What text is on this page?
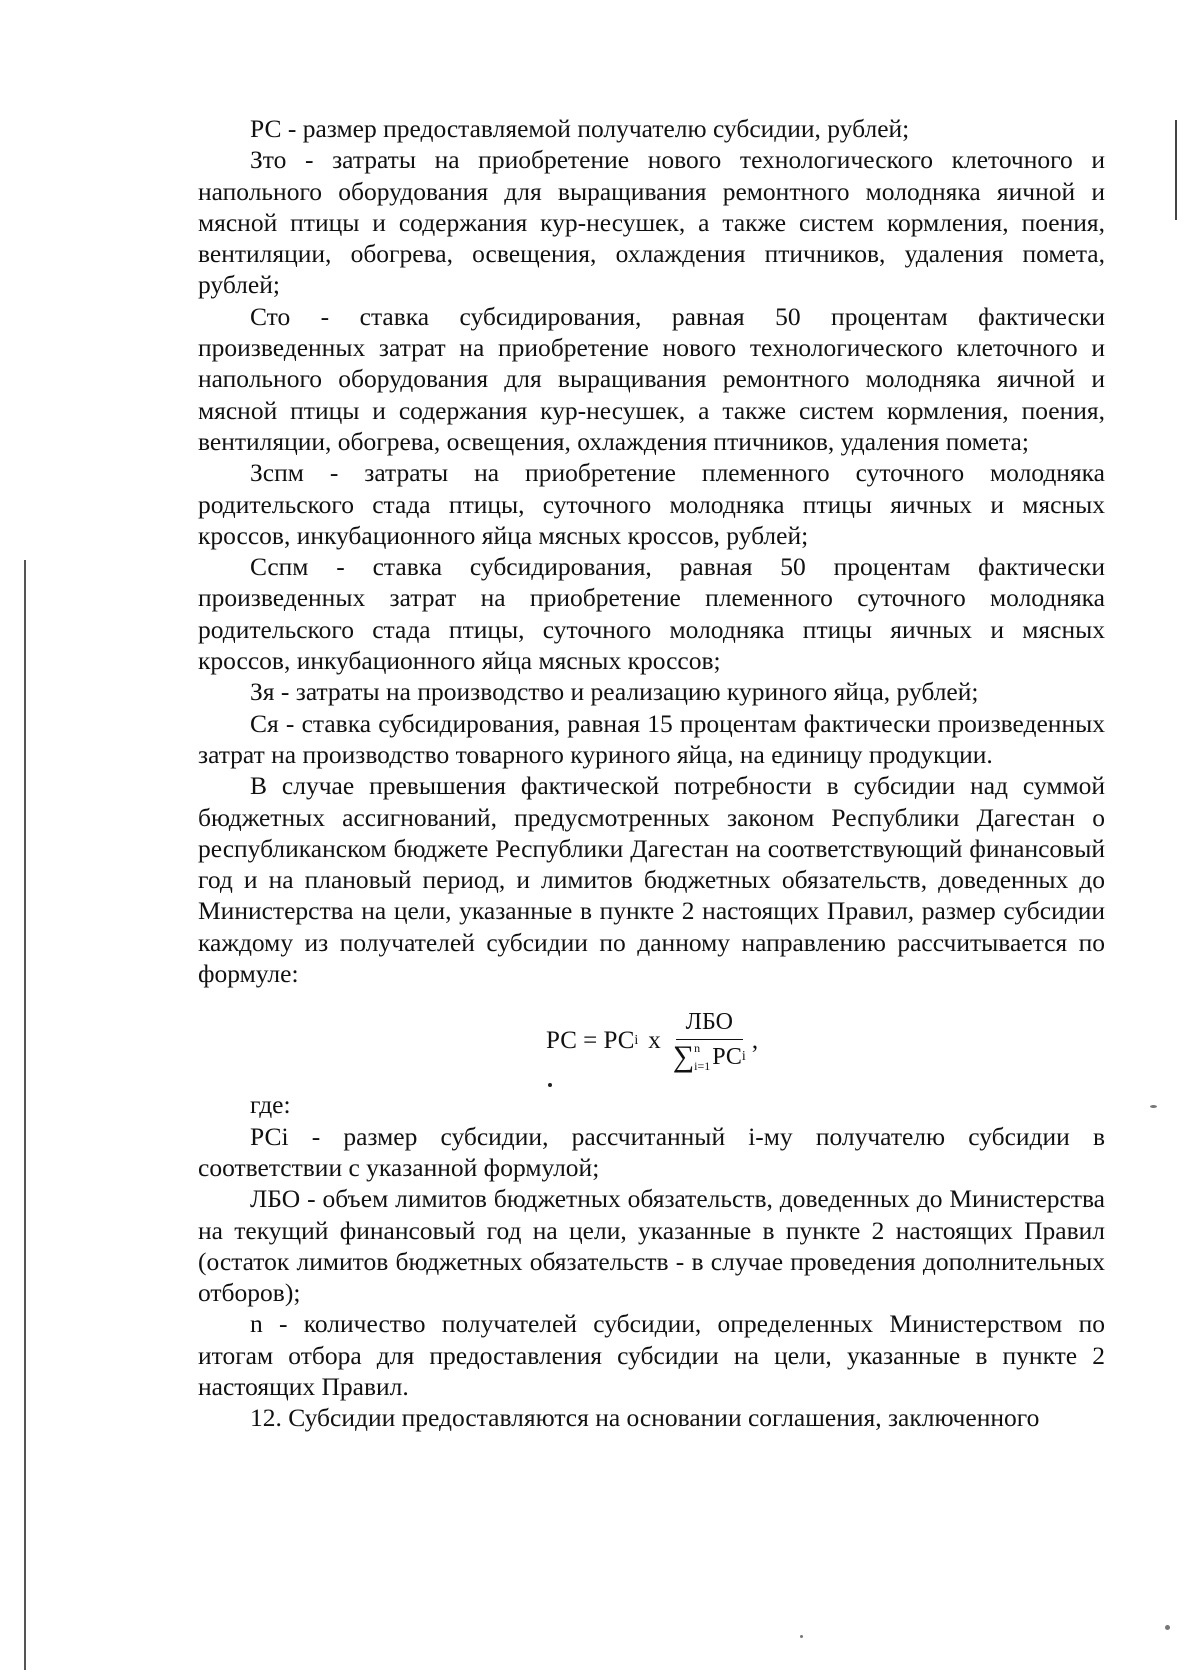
РС - размер предоставляемой получателю субсидии, рублей;

Зто - затраты на приобретение нового технологического клеточного и напольного оборудования для выращивания ремонтного молодняка яичной и мясной птицы и содержания кур-несушек, а также систем кормления, поения, вентиляции, обогрева, освещения, охлаждения птичников, удаления помета, рублей;

Сто - ставка субсидирования, равная 50 процентам фактически произведенных затрат на приобретение нового технологического клеточного и напольного оборудования для выращивания ремонтного молодняка яичной и мясной птицы и содержания кур-несушек, а также систем кормления, поения, вентиляции, обогрева, освещения, охлаждения птичников, удаления помета;

Зспм - затраты на приобретение племенного суточного молодняка родительского стада птицы, суточного молодняка птицы яичных и мясных кроссов, инкубационного яйца мясных кроссов, рублей;

Сспм - ставка субсидирования, равная 50 процентам фактически произведенных затрат на приобретение племенного суточного молодняка родительского стада птицы, суточного молодняка птицы яичных и мясных кроссов, инкубационного яйца мясных кроссов;

Зя - затраты на производство и реализацию куриного яйца, рублей;

Ся - ставка субсидирования, равная 15 процентам фактически произведенных затрат на производство товарного куриного яйца, на единицу продукции.

В случае превышения фактической потребности в субсидии над суммой бюджетных ассигнований, предусмотренных законом Республики Дагестан о республиканском бюджете Республики Дагестан на соответствующий финансовый год и на плановый период, и лимитов бюджетных обязательств, доведенных до Министерства на цели, указанные в пункте 2 настоящих Правил, размер субсидии каждому из получателей субсидии по данному направлению рассчитывается по формуле:

РС = РС i x
ЛБО
∑ n
i=1 РС i
,

где:

РСi - размер субсидии, рассчитанный i-му получателю субсидии в соответствии с указанной формулой;

ЛБО - объем лимитов бюджетных обязательств, доведенных до Министерства на текущий финансовый год на цели, указанные в пункте 2 настоящих Правил (остаток лимитов бюджетных обязательств - в случае проведения дополнительных отборов);

n - количество получателей субсидии, определенных Министерством по итогам отбора для предоставления субсидии на цели, указанные в пункте 2 настоящих Правил.

12. Субсидии предоставляются на основании соглашения, заключенного
